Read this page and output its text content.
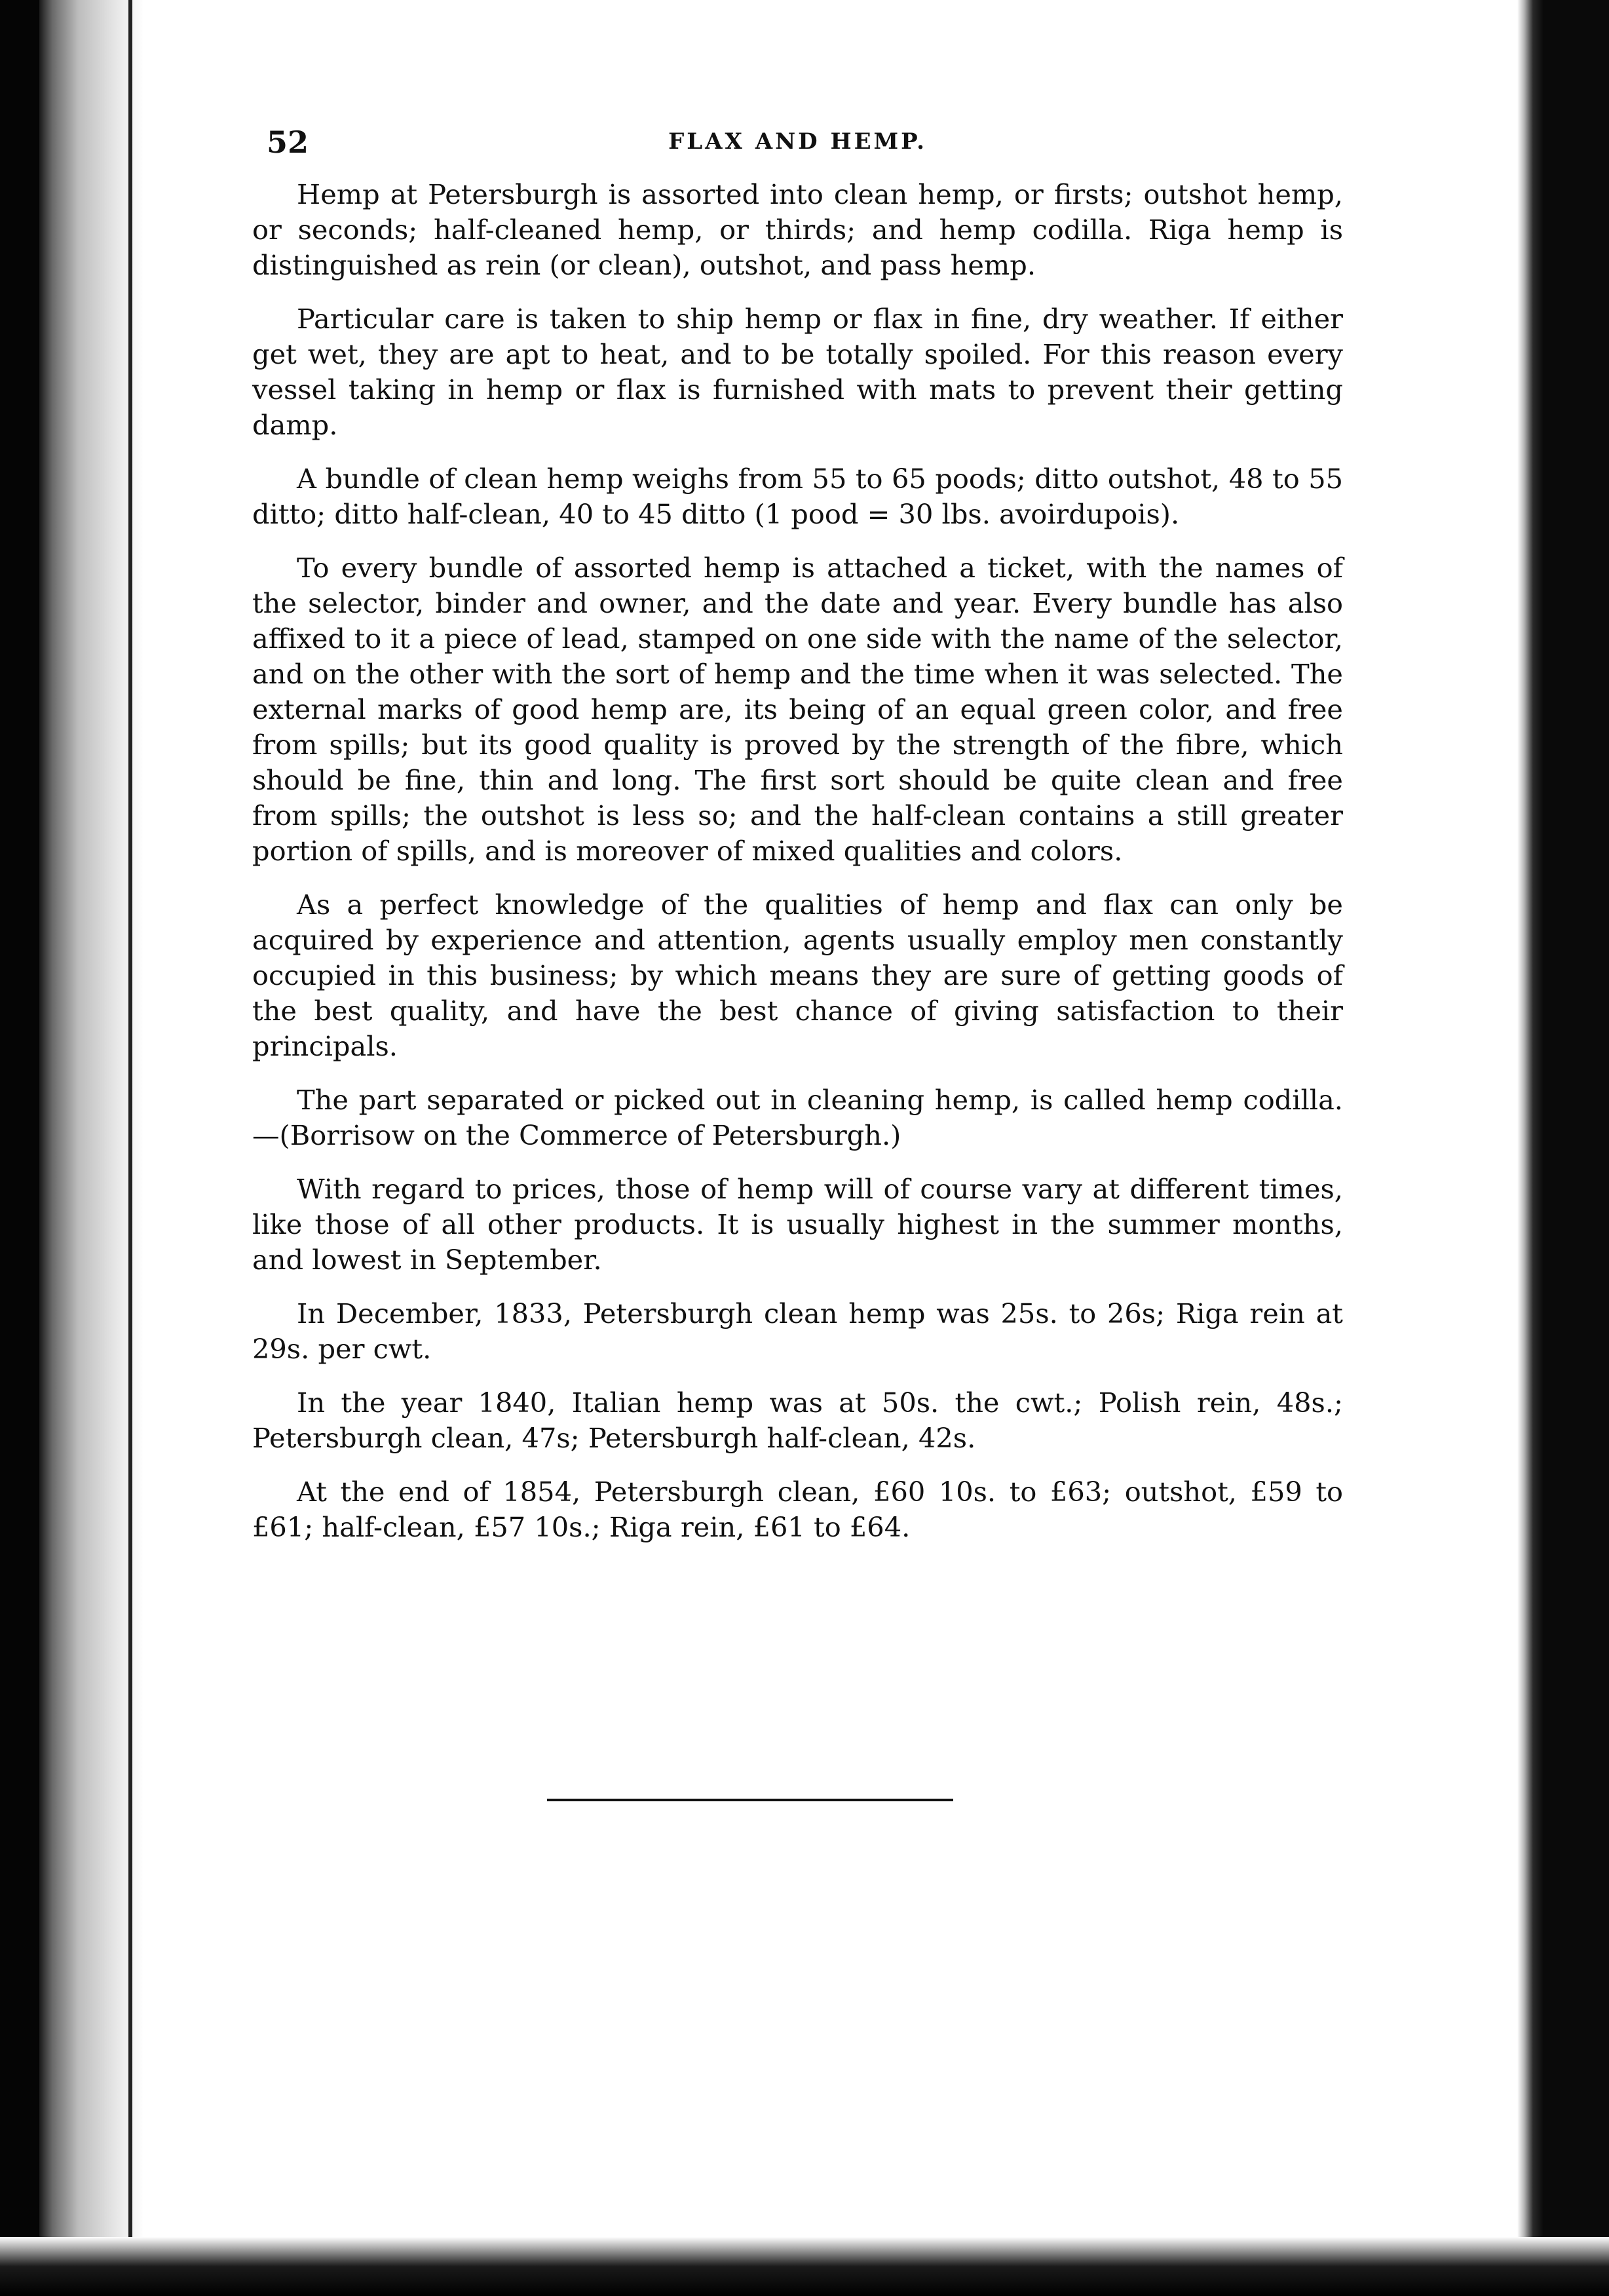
52	FLAX AND HEMP.

Hemp at Petersburgh is assorted into clean hemp, or firsts; outshot hemp, or seconds; half-cleaned hemp, or thirds; and hemp codilla. Riga hemp is distinguished as rein (or clean), outshot, and pass hemp.

Particular care is taken to ship hemp or flax in fine, dry weather. If either get wet, they are apt to heat, and to be totally spoiled. For this reason every vessel taking in hemp or flax is furnished with mats to prevent their getting damp.

A bundle of clean hemp weighs from 55 to 65 poods; ditto outshot, 48 to 55 ditto; ditto half-clean, 40 to 45 ditto (1 pood = 30 lbs. avoirdupois).

To every bundle of assorted hemp is attached a ticket, with the names of the selector, binder and owner, and the date and year. Every bundle has also affixed to it a piece of lead, stamped on one side with the name of the selector, and on the other with the sort of hemp and the time when it was selected. The external marks of good hemp are, its being of an equal green color, and free from spills; but its good quality is proved by the strength of the fibre, which should be fine, thin and long. The first sort should be quite clean and free from spills; the outshot is less so; and the half-clean contains a still greater portion of spills, and is moreover of mixed qualities and colors.

As a perfect knowledge of the qualities of hemp and flax can only be acquired by experience and attention, agents usually employ men constantly occupied in this business; by which means they are sure of getting goods of the best quality, and have the best chance of giving satisfaction to their principals.

The part separated or picked out in cleaning hemp, is called hemp codilla. —(Borrisow on the Commerce of Petersburgh.)

With regard to prices, those of hemp will of course vary at different times, like those of all other products. It is usually highest in the summer months, and lowest in September.

In December, 1833, Petersburgh clean hemp was 25s. to 26s; Riga rein at 29s. per cwt.

In the year 1840, Italian hemp was at 50s. the cwt.; Polish rein, 48s.; Petersburgh clean, 47s; Petersburgh half-clean, 42s.

At the end of 1854, Petersburgh clean, £60 10s. to £63; outshot, £59 to £61; half-clean, £57 10s.; Riga rein, £61 to £64.
